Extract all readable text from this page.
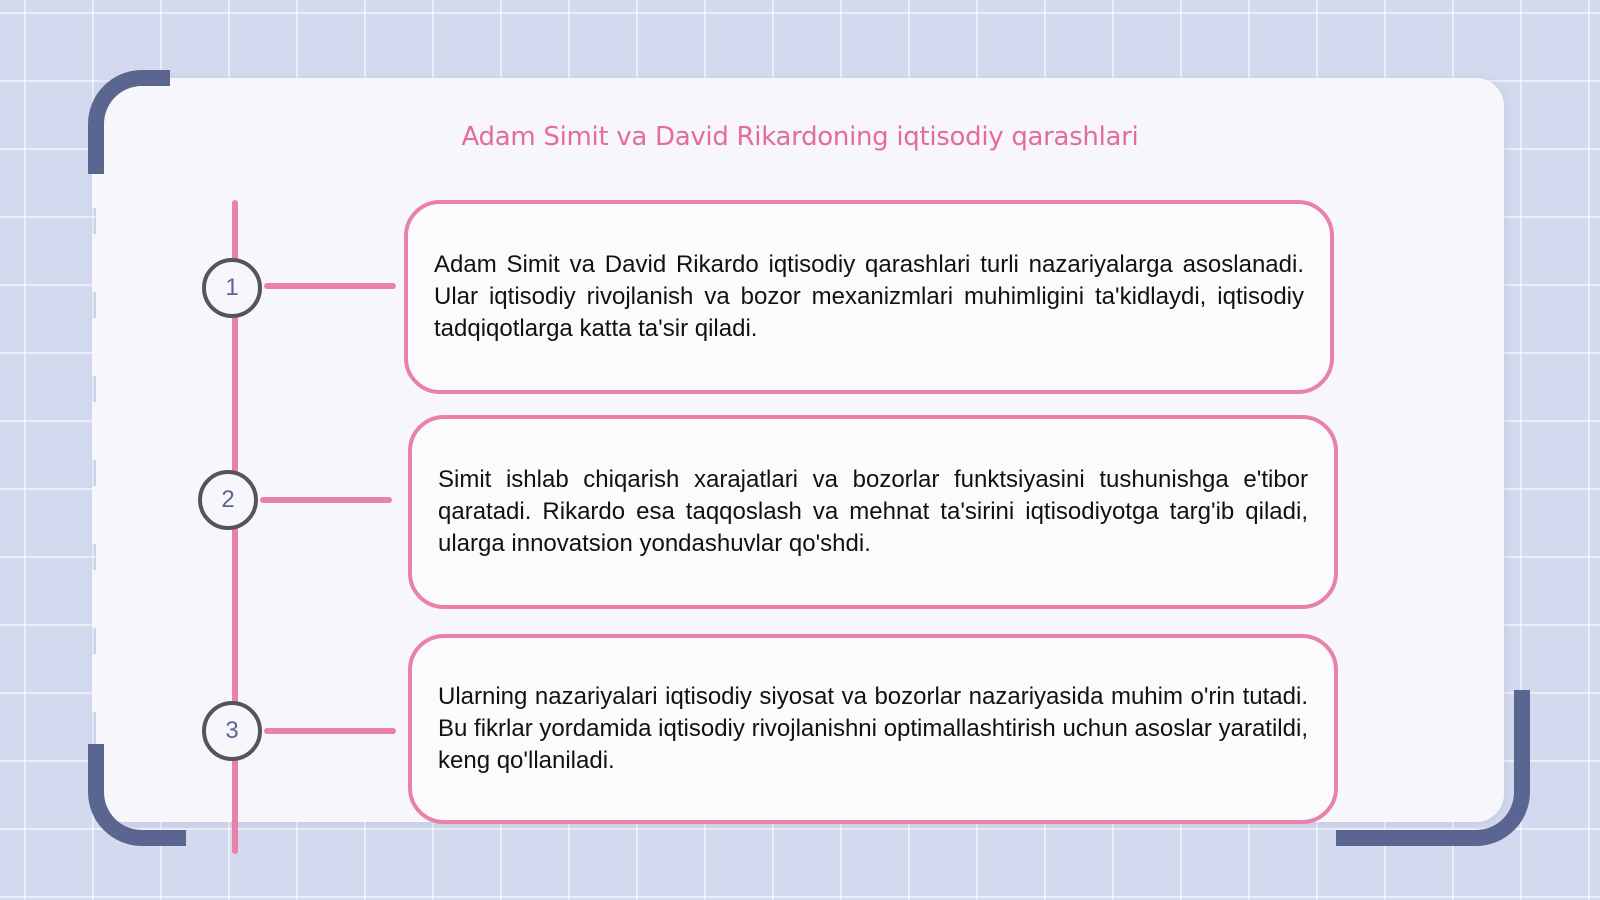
Adam Simit va David Rikardoning iqtisodiy qarashlari
1
2
3

Adam Simit va David Rikardo iqtisodiy qarashlari turli nazariyalarga asoslanadi. Ular iqtisodiy rivojlanish va bozor mexanizmlari muhimligini ta'kidlaydi, iqtisodiy tadqiqotlarga katta ta'sir qiladi.

Simit ishlab chiqarish xarajatlari va bozorlar funktsiyasini tushunishga e'tibor qaratadi. Rikardo esa taqqoslash va mehnat ta'sirini iqtisodiyotga targ'ib qiladi, ularga innovatsion yondashuvlar qo'shdi.

Ularning nazariyalari iqtisodiy siyosat va bozorlar nazariyasida muhim o'rin tutadi. Bu fikrlar yordamida iqtisodiy rivojlanishni optimallashtirish uchun asoslar yaratildi, keng qo'llaniladi.
